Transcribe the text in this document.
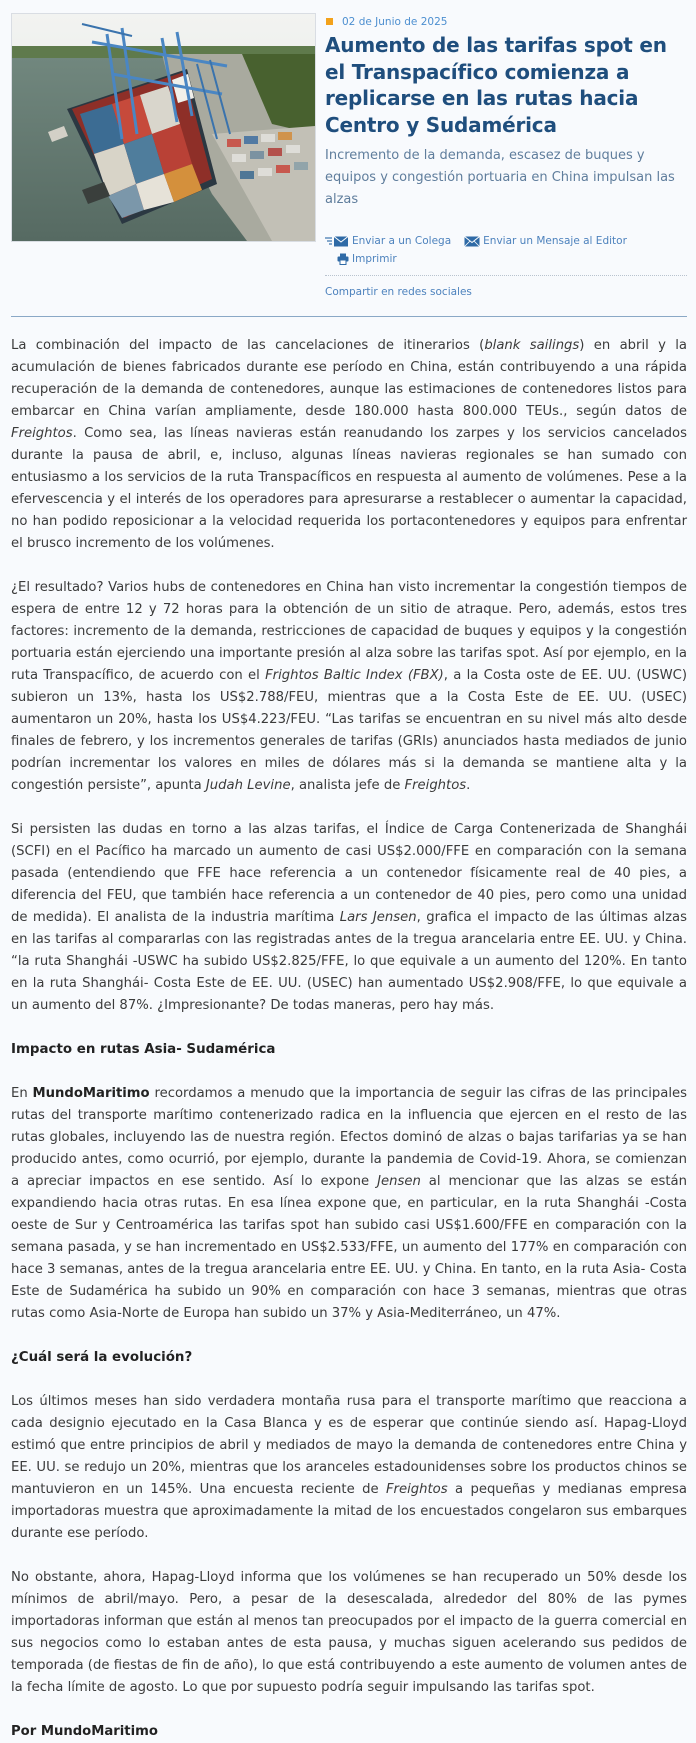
02 de Junio de 2025
Aumento de las tarifas spot en el Transpacífico comienza a replicarse en las rutas hacia Centro y Sudamérica

Incremento de la demanda, escasez de buques y equipos y congestión portuaria en China impulsan las alzas

Enviar a un Colega	Enviar un Mensaje al Editor
Imprimir
Compartir en redes sociales

La combinación del impacto de las cancelaciones de itinerarios (blank sailings) en abril y la acumulación de bienes fabricados durante ese período en China, están contribuyendo a una rápida recuperación de la demanda de contenedores, aunque las estimaciones de contenedores listos para embarcar en China varían ampliamente, desde 180.000 hasta 800.000 TEUs., según datos de Freightos. Como sea, las líneas navieras están reanudando los zarpes y los servicios cancelados durante la pausa de abril, e, incluso, algunas líneas navieras regionales se han sumado con entusiasmo a los servicios de la ruta Transpacíficos en respuesta al aumento de volúmenes. Pese a la efervescencia y el interés de los operadores para apresurarse a restablecer o aumentar la capacidad, no han podido reposicionar a la velocidad requerida los portacontenedores y equipos para enfrentar el brusco incremento de los volúmenes.

¿El resultado? Varios hubs de contenedores en China han visto incrementar la congestión tiempos de espera de entre 12 y 72 horas para la obtención de un sitio de atraque. Pero, además, estos tres factores: incremento de la demanda, restricciones de capacidad de buques y equipos y la congestión portuaria están ejerciendo una importante presión al alza sobre las tarifas spot. Así por ejemplo, en la ruta Transpacífico, de acuerdo con el Frightos Baltic Index (FBX), a la Costa oste de EE. UU. (USWC) subieron un 13%, hasta los US$2.788/FEU, mientras que a la Costa Este de EE. UU. (USEC) aumentaron un 20%, hasta los US$4.223/FEU. “Las tarifas se encuentran en su nivel más alto desde finales de febrero, y los incrementos generales de tarifas (GRIs) anunciados hasta mediados de junio podrían incrementar los valores en miles de dólares más si la demanda se mantiene alta y la congestión persiste”, apunta Judah Levine, analista jefe de Freightos.

Si persisten las dudas en torno a las alzas tarifas, el Índice de Carga Contenerizada de Shanghái (SCFI) en el Pacífico ha marcado un aumento de casi US$2.000/FFE en comparación con la semana pasada (entendiendo que FFE hace referencia a un contenedor físicamente real de 40 pies, a diferencia del FEU, que también hace referencia a un contenedor de 40 pies, pero como una unidad de medida). El analista de la industria marítima Lars Jensen, grafica el impacto de las últimas alzas en las tarifas al compararlas con las registradas antes de la tregua arancelaria entre EE. UU. y China. “la ruta Shanghái -USWC ha subido US$2.825/FFE, lo que equivale a un aumento del 120%. En tanto en la ruta Shanghái- Costa Este de EE. UU. (USEC) han aumentado US$2.908/FFE, lo que equivale a un aumento del 87%. ¿Impresionante? De todas maneras, pero hay más.

Impacto en rutas Asia- Sudamérica

En MundoMaritimo recordamos a menudo que la importancia de seguir las cifras de las principales rutas del transporte marítimo contenerizado radica en la influencia que ejercen en el resto de las rutas globales, incluyendo las de nuestra región. Efectos dominó de alzas o bajas tarifarias ya se han producido antes, como ocurrió, por ejemplo, durante la pandemia de Covid-19. Ahora, se comienzan a apreciar impactos en ese sentido. Así lo expone Jensen al mencionar que las alzas se están expandiendo hacia otras rutas. En esa línea expone que, en particular, en la ruta Shanghái -Costa oeste de Sur y Centroamérica las tarifas spot han subido casi US$1.600/FFE en comparación con la semana pasada, y se han incrementado en US$2.533/FFE, un aumento del 177% en comparación con hace 3 semanas, antes de la tregua arancelaria entre EE. UU. y China. En tanto, en la ruta Asia- Costa Este de Sudamérica ha subido un 90% en comparación con hace 3 semanas, mientras que otras rutas como Asia-Norte de Europa han subido un 37% y Asia-Mediterráneo, un 47%.

¿Cuál será la evolución?

Los últimos meses han sido verdadera montaña rusa para el transporte marítimo que reacciona a cada designio ejecutado en la Casa Blanca y es de esperar que continúe siendo así. Hapag-Lloyd estimó que entre principios de abril y mediados de mayo la demanda de contenedores entre China y EE. UU. se redujo un 20%, mientras que los aranceles estadounidenses sobre los productos chinos se mantuvieron en un 145%. Una encuesta reciente de Freightos a pequeñas y medianas empresa importadoras muestra que aproximadamente la mitad de los encuestados congelaron sus embarques durante ese período.

No obstante, ahora, Hapag-Lloyd informa que los volúmenes se han recuperado un 50% desde los mínimos de abril/mayo. Pero, a pesar de la desescalada, alrededor del 80% de las pymes importadoras informan que están al menos tan preocupados por el impacto de la guerra comercial en sus negocios como lo estaban antes de esta pausa, y muchas siguen acelerando sus pedidos de temporada (de fiestas de fin de año), lo que está contribuyendo a este aumento de volumen antes de la fecha límite de agosto. Lo que por supuesto podría seguir impulsando las tarifas spot.

Por MundoMaritimo
